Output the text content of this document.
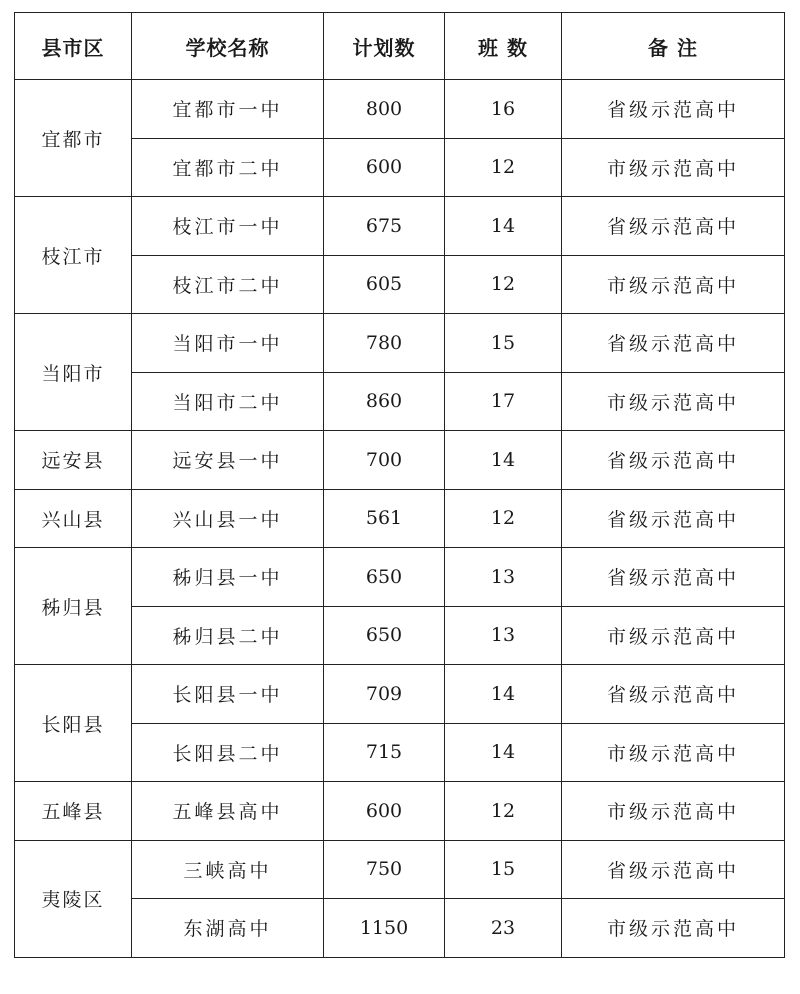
县市区	学校名称	计划数	班 数	备 注
宜都市	宜都市一中	800	16	省级示范高中
	宜都市二中	600	12	市级示范高中
枝江市	枝江市一中	675	14	省级示范高中
	枝江市二中	605	12	市级示范高中
当阳市	当阳市一中	780	15	省级示范高中
	当阳市二中	860	17	市级示范高中
远安县	远安县一中	700	14	省级示范高中
兴山县	兴山县一中	561	12	省级示范高中
秭归县	秭归县一中	650	13	省级示范高中
	秭归县二中	650	13	市级示范高中
长阳县	长阳县一中	709	14	省级示范高中
	长阳县二中	715	14	市级示范高中
五峰县	五峰县高中	600	12	市级示范高中
夷陵区	三峡高中	750	15	省级示范高中
	东湖高中	1150	23	市级示范高中
